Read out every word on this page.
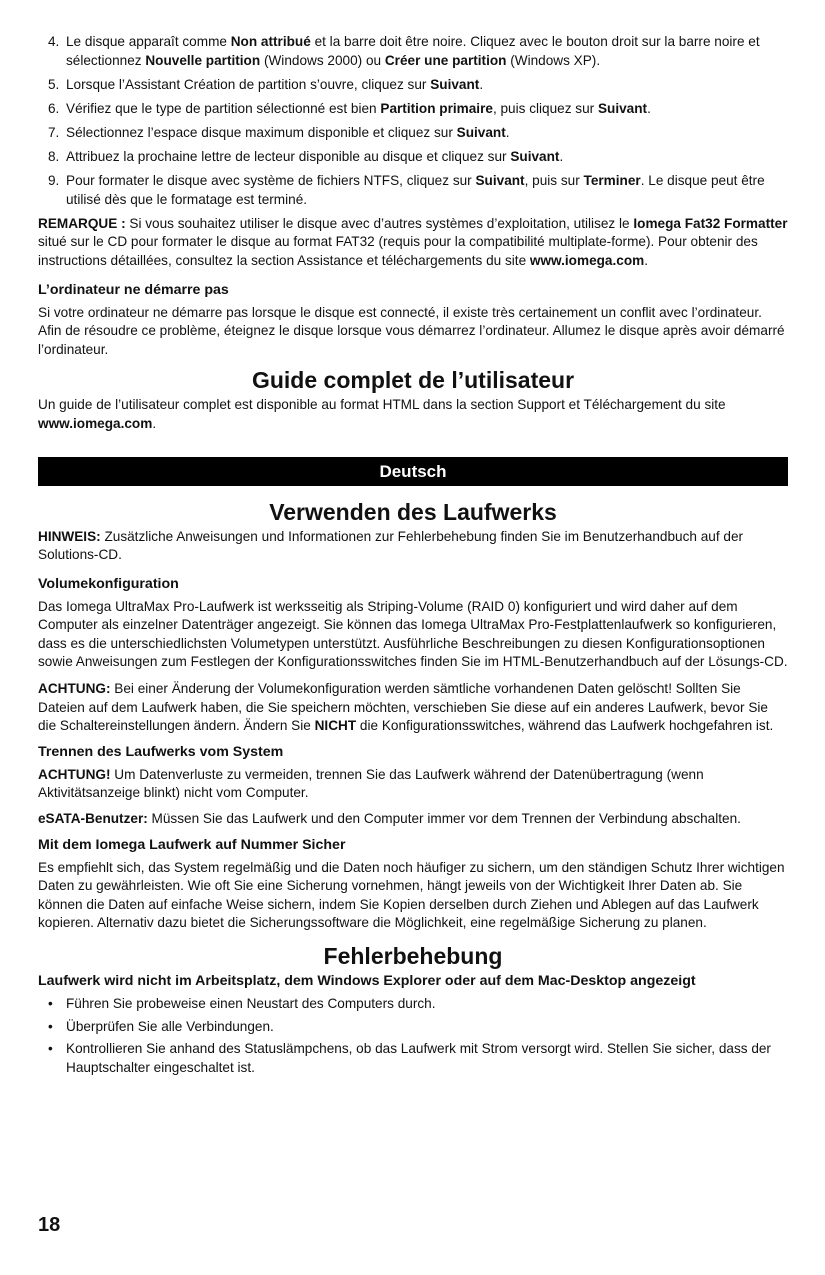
4. Le disque apparaît comme Non attribué et la barre doit être noire. Cliquez avec le bouton droit sur la barre noire et sélectionnez Nouvelle partition (Windows 2000) ou Créer une partition (Windows XP).
5. Lorsque l’Assistant Création de partition s’ouvre, cliquez sur Suivant.
6. Vérifiez que le type de partition sélectionné est bien Partition primaire, puis cliquez sur Suivant.
7. Sélectionnez l’espace disque maximum disponible et cliquez sur Suivant.
8. Attribuez la prochaine lettre de lecteur disponible au disque et cliquez sur Suivant.
9. Pour formater le disque avec système de fichiers NTFS, cliquez sur Suivant, puis sur Terminer. Le disque peut être utilisé dès que le formatage est terminé.

REMARQUE : Si vous souhaitez utiliser le disque avec d’autres systèmes d’exploitation, utilisez le Iomega Fat32 Formatter situé sur le CD pour formater le disque au format FAT32 (requis pour la compatibilité multiplate-forme). Pour obtenir des instructions détaillées, consultez la section Assistance et téléchargements du site www.iomega.com.

L’ordinateur ne démarre pas

Si votre ordinateur ne démarre pas lorsque le disque est connecté, il existe très certainement un conflit avec l’ordinateur. Afin de résoudre ce problème, éteignez le disque lorsque vous démarrez l’ordinateur. Allumez le disque après avoir démarré l’ordinateur.

Guide complet de l’utilisateur

Un guide de l’utilisateur complet est disponible au format HTML dans la section Support et Téléchargement du site www.iomega.com.

Deutsch
Verwenden des Laufwerks

HINWEIS: Zusätzliche Anweisungen und Informationen zur Fehlerbehebung finden Sie im Benutzerhandbuch auf der Solutions-CD.

Volumekonfiguration

Das Iomega UltraMax Pro-Laufwerk ist werksseitig als Striping-Volume (RAID 0) konfiguriert und wird daher auf dem Computer als einzelner Datenträger angezeigt. Sie können das Iomega UltraMax Pro-Festplattenlaufwerk so konfigurieren, dass es die unterschiedlichsten Volumetypen unterstützt. Ausführliche Beschreibungen zu diesen Konfigurationsoptionen sowie Anweisungen zum Festlegen der Konfigurationsswitches finden Sie im HTML-Benutzerhandbuch auf der Lösungs-CD.

ACHTUNG: Bei einer Änderung der Volumekonfiguration werden sämtliche vorhandenen Daten gelöscht! Sollten Sie Dateien auf dem Laufwerk haben, die Sie speichern möchten, verschieben Sie diese auf ein anderes Laufwerk, bevor Sie die Schaltereinstellungen ändern. Ändern Sie NICHT die Konfigurationsswitches, während das Laufwerk hochgefahren ist.

Trennen des Laufwerks vom System

ACHTUNG! Um Datenverluste zu vermeiden, trennen Sie das Laufwerk während der Datenübertragung (wenn Aktivitätsanzeige blinkt) nicht vom Computer.

eSATA-Benutzer: Müssen Sie das Laufwerk und den Computer immer vor dem Trennen der Verbindung abschalten.

Mit dem Iomega Laufwerk auf Nummer Sicher

Es empfiehlt sich, das System regelmäßig und die Daten noch häufiger zu sichern, um den ständigen Schutz Ihrer wichtigen Daten zu gewährleisten. Wie oft Sie eine Sicherung vornehmen, hängt jeweils von der Wichtigkeit Ihrer Daten ab. Sie können die Daten auf einfache Weise sichern, indem Sie Kopien derselben durch Ziehen und Ablegen auf das Laufwerk kopieren. Alternativ dazu bietet die Sicherungssoftware die Möglichkeit, eine regelmäßige Sicherung zu planen.

Fehlerbehebung
Laufwerk wird nicht im Arbeitsplatz, dem Windows Explorer oder auf dem Mac-Desktop angezeigt
• Führen Sie probeweise einen Neustart des Computers durch.
• Überprüfen Sie alle Verbindungen.
• Kontrollieren Sie anhand des Statuslämpchens, ob das Laufwerk mit Strom versorgt wird. Stellen Sie sicher, dass der Hauptschalter eingeschaltet ist.
18
